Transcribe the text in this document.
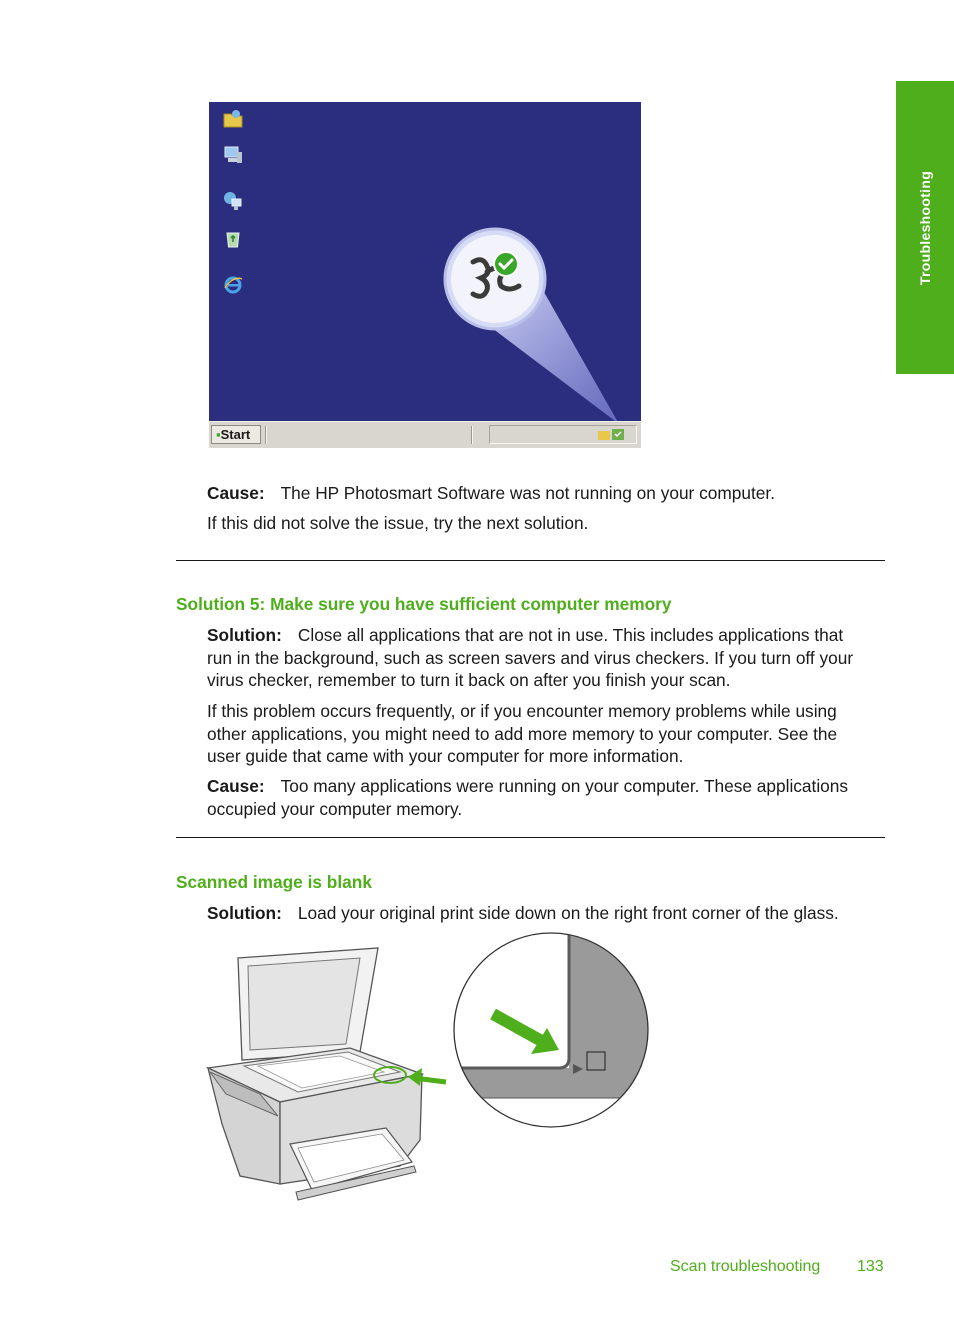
Troubleshooting
▪Start

Cause: The HP Photosmart Software was not running on your computer.

If this did not solve the issue, try the next solution.

Solution 5: Make sure you have sufficient computer memory

Solution: Close all applications that are not in use. This includes applications that
run in the background, such as screen savers and virus checkers. If you turn off your
virus checker, remember to turn it back on after you finish your scan.
If this problem occurs frequently, or if you encounter memory problems while using
other applications, you might need to add more memory to your computer. See the
user guide that came with your computer for more information.
Cause: Too many applications were running on your computer. These applications
occupied your computer memory.

Scanned image is blank

Solution: Load your original print side down on the right front corner of the glass.

Scan troubleshooting 133
